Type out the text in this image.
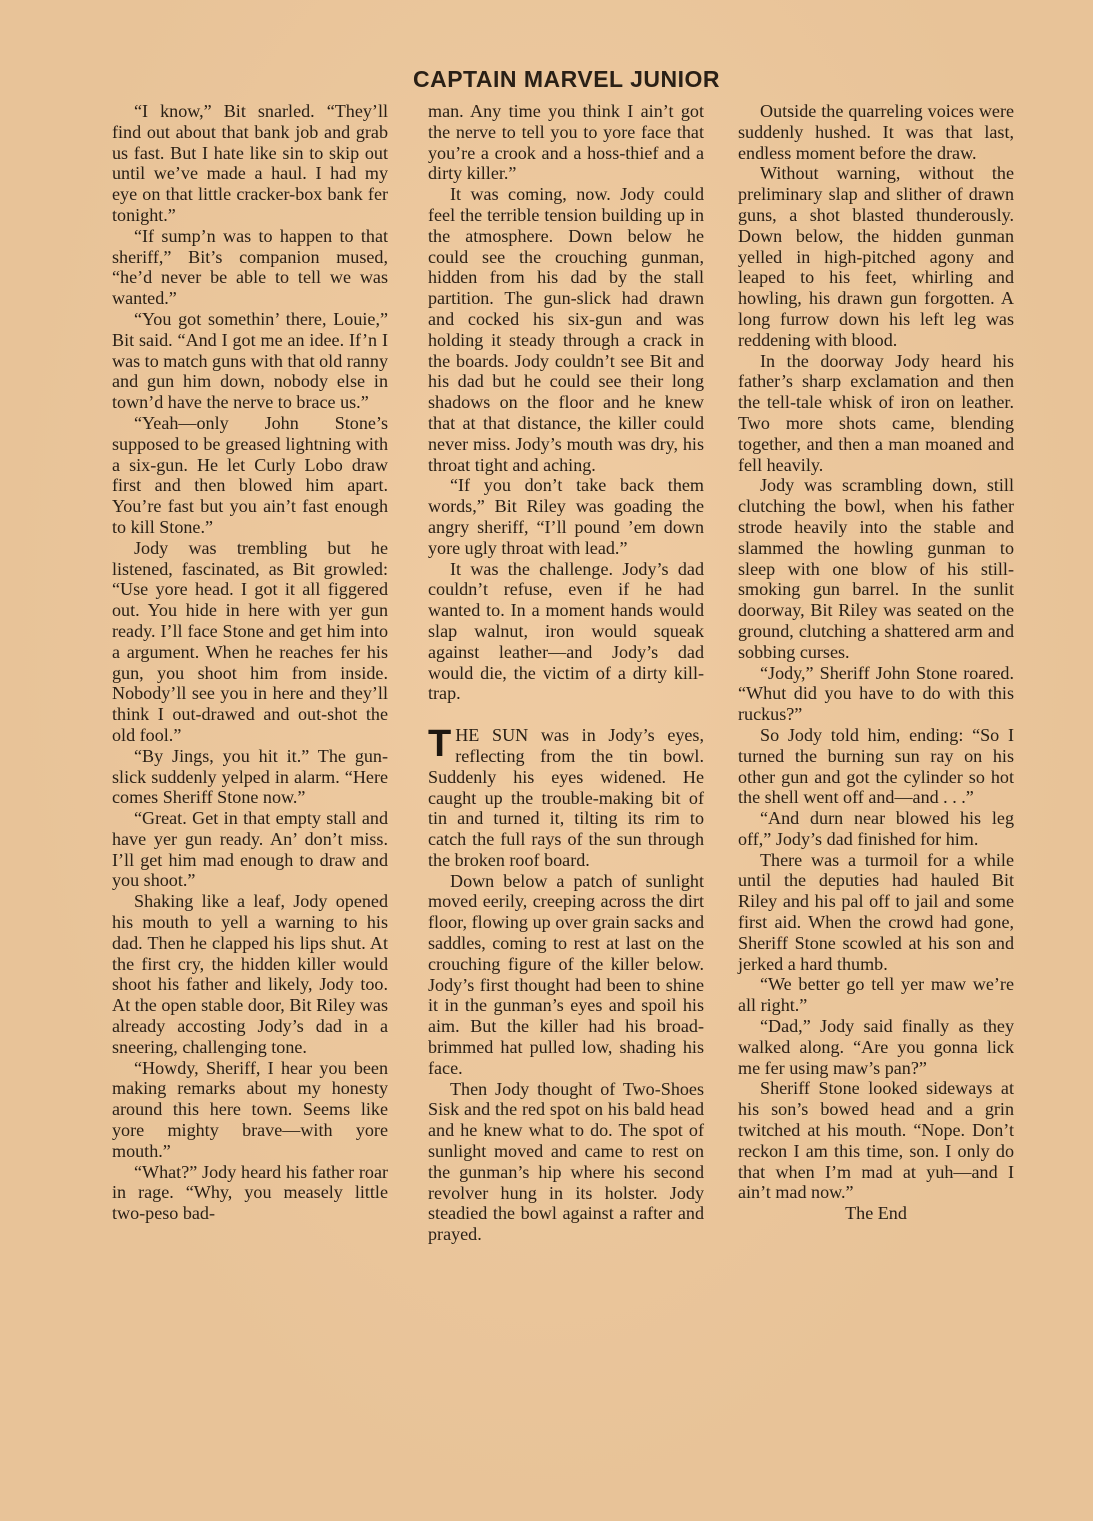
CAPTAIN MARVEL JUNIOR

“I know,” Bit snarled. “They’ll find out about that bank job and grab us fast. But I hate like sin to skip out until we’ve made a haul. I had my eye on that little cracker-box bank fer tonight.”

“If sump’n was to happen to that sheriff,” Bit’s companion mused, “he’d never be able to tell we was wanted.”

“You got somethin’ there, Louie,” Bit said. “And I got me an idee. If’n I was to match guns with that old ranny and gun him down, nobody else in town’d have the nerve to brace us.”

“Yeah—only John Stone’s supposed to be greased lightning with a six-gun. He let Curly Lobo draw first and then blowed him apart. You’re fast but you ain’t fast enough to kill Stone.”

Jody was trembling but he listened, fascinated, as Bit growled: “Use yore head. I got it all figgered out. You hide in here with yer gun ready. I’ll face Stone and get him into a argument. When he reaches fer his gun, you shoot him from inside. Nobody’ll see you in here and they’ll think I out-drawed and out-shot the old fool.”

“By Jings, you hit it.” The gun-slick suddenly yelped in alarm. “Here comes Sheriff Stone now.”

“Great. Get in that empty stall and have yer gun ready. An’ don’t miss. I’ll get him mad enough to draw and you shoot.”

Shaking like a leaf, Jody opened his mouth to yell a warning to his dad. Then he clapped his lips shut. At the first cry, the hidden killer would shoot his father and likely, Jody too. At the open stable door, Bit Riley was already accosting Jody’s dad in a sneering, challenging tone.

“Howdy, Sheriff, I hear you been making remarks about my honesty around this here town. Seems like yore mighty brave—with yore mouth.”

“What?” Jody heard his father roar in rage. “Why, you measely little two-peso bad-

man. Any time you think I ain’t got the nerve to tell you to yore face that you’re a crook and a hoss-thief and a dirty killer.”

It was coming, now. Jody could feel the terrible tension building up in the atmosphere. Down below he could see the crouching gunman, hidden from his dad by the stall partition. The gun-slick had drawn and cocked his six-gun and was holding it steady through a crack in the boards. Jody couldn’t see Bit and his dad but he could see their long shadows on the floor and he knew that at that distance, the killer could never miss. Jody’s mouth was dry, his throat tight and aching.

“If you don’t take back them words,” Bit Riley was goading the angry sheriff, “I’ll pound ’em down yore ugly throat with lead.”

It was the challenge. Jody’s dad couldn’t refuse, even if he had wanted to. In a moment hands would slap walnut, iron would squeak against leather—and Jody’s dad would die, the victim of a dirty kill-trap.

THE SUN was in Jody’s eyes, reflecting from the tin bowl. Suddenly his eyes widened. He caught up the trouble-making bit of tin and turned it, tilting its rim to catch the full rays of the sun through the broken roof board.

Down below a patch of sunlight moved eerily, creeping across the dirt floor, flowing up over grain sacks and saddles, coming to rest at last on the crouching figure of the killer below. Jody’s first thought had been to shine it in the gunman’s eyes and spoil his aim. But the killer had his broad-brimmed hat pulled low, shading his face.

Then Jody thought of Two-Shoes Sisk and the red spot on his bald head and he knew what to do. The spot of sunlight moved and came to rest on the gunman’s hip where his second revolver hung in its holster. Jody steadied the bowl against a rafter and prayed.

Outside the quarreling voices were suddenly hushed. It was that last, endless moment before the draw.

Without warning, without the preliminary slap and slither of drawn guns, a shot blasted thunderously. Down below, the hidden gunman yelled in high-pitched agony and leaped to his feet, whirling and howling, his drawn gun forgotten. A long furrow down his left leg was reddening with blood.

In the doorway Jody heard his father’s sharp exclamation and then the tell-tale whisk of iron on leather. Two more shots came, blending together, and then a man moaned and fell heavily.

Jody was scrambling down, still clutching the bowl, when his father strode heavily into the stable and slammed the howling gunman to sleep with one blow of his still-smoking gun barrel. In the sunlit doorway, Bit Riley was seated on the ground, clutching a shattered arm and sobbing curses.

“Jody,” Sheriff John Stone roared. “Whut did you have to do with this ruckus?”

So Jody told him, ending: “So I turned the burning sun ray on his other gun and got the cylinder so hot the shell went off and—and . . .”

“And durn near blowed his leg off,” Jody’s dad finished for him.

There was a turmoil for a while until the deputies had hauled Bit Riley and his pal off to jail and some first aid. When the crowd had gone, Sheriff Stone scowled at his son and jerked a hard thumb.

“We better go tell yer maw we’re all right.”

“Dad,” Jody said finally as they walked along. “Are you gonna lick me fer using maw’s pan?”

Sheriff Stone looked sideways at his son’s bowed head and a grin twitched at his mouth. “Nope. Don’t reckon I am this time, son. I only do that when I’m mad at yuh—and I ain’t mad now.”

The End
